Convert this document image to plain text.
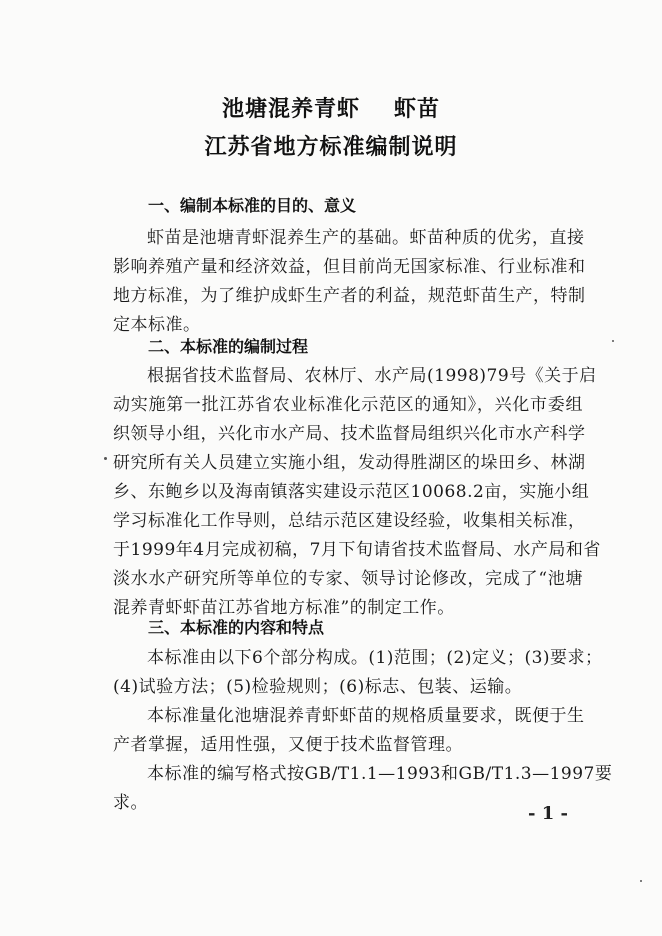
池塘混养青虾 虾苗
江苏省地方标准编制说明
一、编制本标准的目的、意义
虾苗是池塘青虾混养生产的基础。虾苗种质的优劣，直接
影响养殖产量和经济效益，但目前尚无国家标准、行业标准和
地方标准，为了维护成虾生产者的利益，规范虾苗生产，特制
定本标准。
二、本标准的编制过程
根据省技术监督局、农林厅、水产局(1998)79号《关于启
动实施第一批江苏省农业标准化示范区的通知》，兴化市委组
织领导小组，兴化市水产局、技术监督局组织兴化市水产科学
研究所有关人员建立实施小组，发动得胜湖区的垛田乡、林湖
乡、东鲍乡以及海南镇落实建设示范区10068.2亩，实施小组
学习标准化工作导则，总结示范区建设经验，收集相关标准，
于1999年4月完成初稿，7月下旬请省技术监督局、水产局和省
淡水水产研究所等单位的专家、领导讨论修改，完成了“池塘
混养青虾虾苗江苏省地方标准”的制定工作。
三、本标准的内容和特点
本标准由以下6个部分构成。(1)范围；(2)定义；(3)要求；
(4)试验方法；(5)检验规则；(6)标志、包装、运输。
本标准量化池塘混养青虾虾苗的规格质量要求，既便于生
产者掌握，适用性强，又便于技术监督管理。
本标准的编写格式按GB/T1.1—1993和GB/T1.3—1997要
求。	- 1 -
